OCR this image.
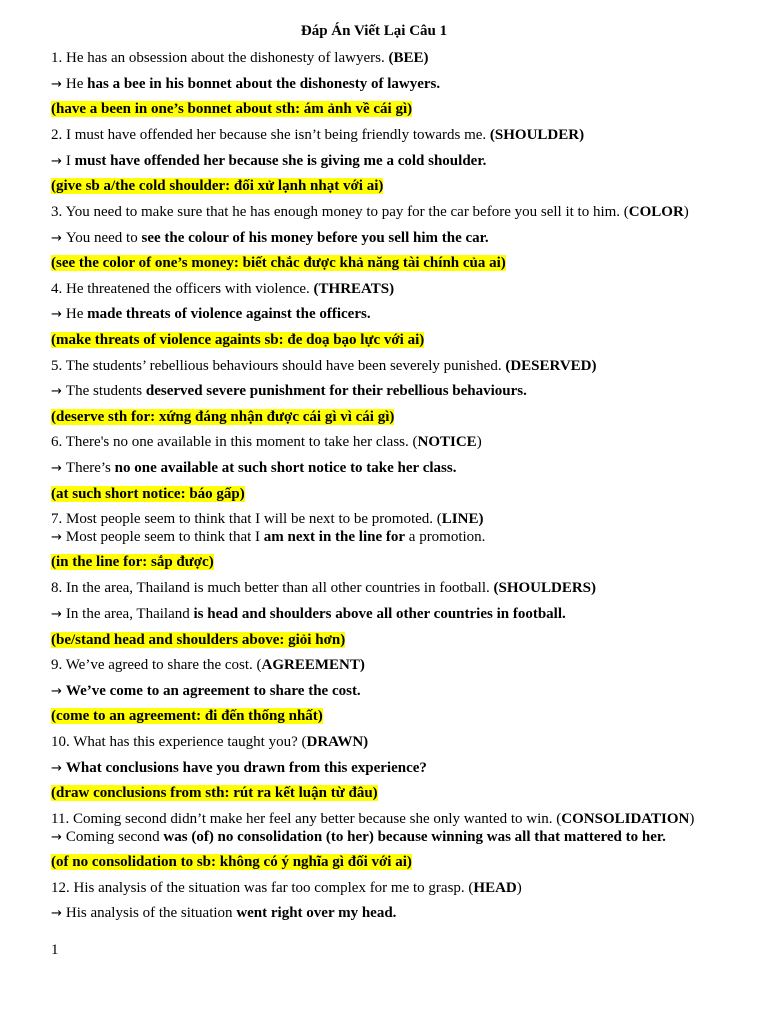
Đáp Án Viết Lại Câu 1
1. He has an obsession about the dishonesty of lawyers. (BEE)
→ He has a bee in his bonnet about the dishonesty of lawyers.
(have a been in one’s bonnet about sth: ám ảnh về cái gì)
2. I must have offended her because she isn’t being friendly towards me. (SHOULDER)
→ I must have offended her because she is giving me a cold shoulder.
(give sb a/the cold shoulder: đối xử lạnh nhạt với ai)
3. You need to make sure that he has enough money to pay for the car before you sell it to him. (COLOR)
→ You need to see the colour of his money before you sell him the car.
(see the color of one’s money: biết chắc được khả năng tài chính của ai)
4. He threatened the officers with violence. (THREATS)
→ He made threats of violence against the officers.
(make threats of violence againts sb: đe doạ bạo lực với ai)
5. The students’ rebellious behaviours should have been severely punished. (DESERVED)
→ The students deserved severe punishment for their rebellious behaviours.
(deserve sth for: xứng đáng nhận được cái gì vì cái gì)
6. There's no one available in this moment to take her class. (NOTICE)
→ There’s no one available at such short notice to take her class.
(at such short notice: báo gấp)
7. Most people seem to think that I will be next to be promoted. (LINE)
→ Most people seem to think that I am next in the line for a promotion.
(in the line for: sắp được)
8. In the area, Thailand is much better than all other countries in football. (SHOULDERS)
→ In the area, Thailand is head and shoulders above all other countries in football.
(be/stand head and shoulders above: giỏi hơn)
9. We’ve agreed to share the cost. (AGREEMENT)
→ We’ve come to an agreement to share the cost.
(come to an agreement: đi đến thống nhất)
10. What has this experience taught you? (DRAWN)
→ What conclusions have you drawn from this experience?
(draw conclusions from sth: rút ra kết luận từ đâu)
11. Coming second didn’t make her feel any better because she only wanted to win. (CONSOLIDATION)
→ Coming second was (of) no consolidation (to her) because winning was all that mattered to her.
(of no consolidation to sb: không có ý nghĩa gì đối với ai)
12. His analysis of the situation was far too complex for me to grasp. (HEAD)
→ His analysis of the situation went right over my head.
1
